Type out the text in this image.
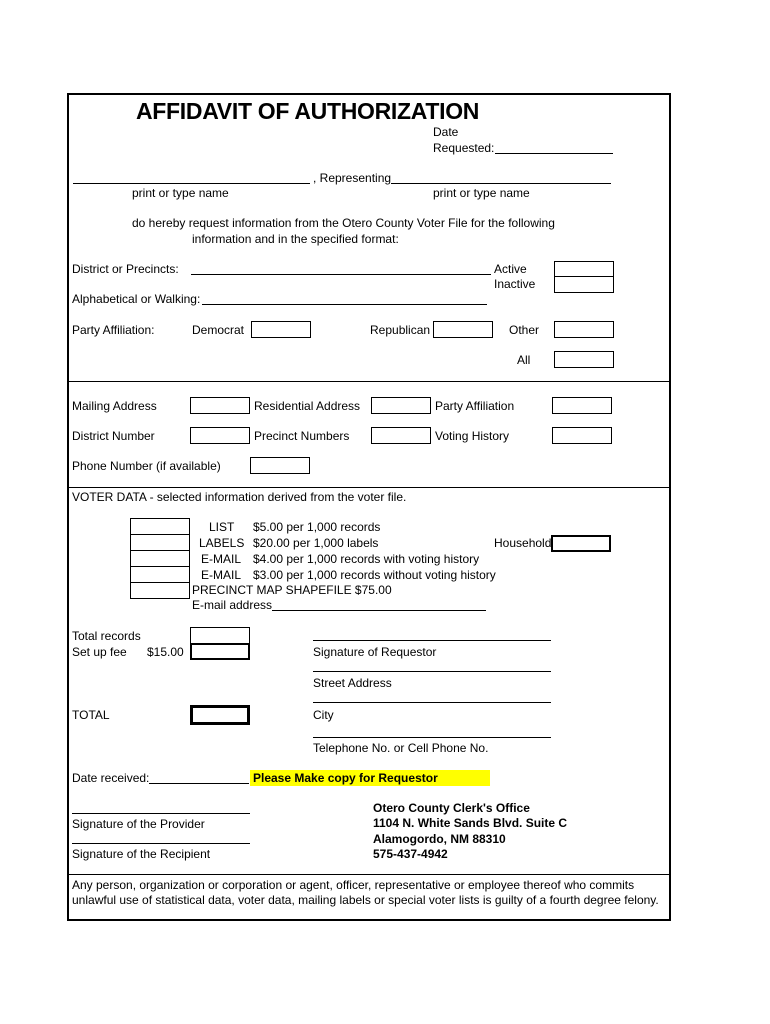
AFFIDAVIT OF AUTHORIZATION
Date
Requested:
, Representing
print or type name	print or type name
do hereby request information from the Otero County Voter File for the following
information and in the specified format:
District or Precincts:	Active
Inactive
Alphabetical or Walking:
Party Affiliation:	Democrat	Republican	Other
All
Mailing Address	Residential Address	Party Affiliation
District Number	Precinct Numbers	Voting History
Phone Number (if available)
VOTER DATA - selected information derived from the voter file.
LIST $5.00 per 1,000 records
LABELS $20.00 per 1,000 labels
E-MAIL $4.00 per 1,000 records with voting history
E-MAIL $3.00 per 1,000 records without voting history
PRECINCT MAP SHAPEFILE $75.00
E-mail address
Household
Total records
Set up fee $15.00
TOTAL
Signature of Requestor
Street Address
City
Telephone No. or Cell Phone No.
Date received:	Please Make copy for Requestor
Signature of the Provider
Signature of the Recipient
Otero County Clerk's Office
1104 N. White Sands Blvd. Suite C
Alamogordo, NM 88310
575-437-4942
Any person, organization or corporation or agent, officer, representative or employee thereof who commits unlawful use of statistical data, voter data, mailing labels or special voter lists is guilty of a fourth degree felony.
